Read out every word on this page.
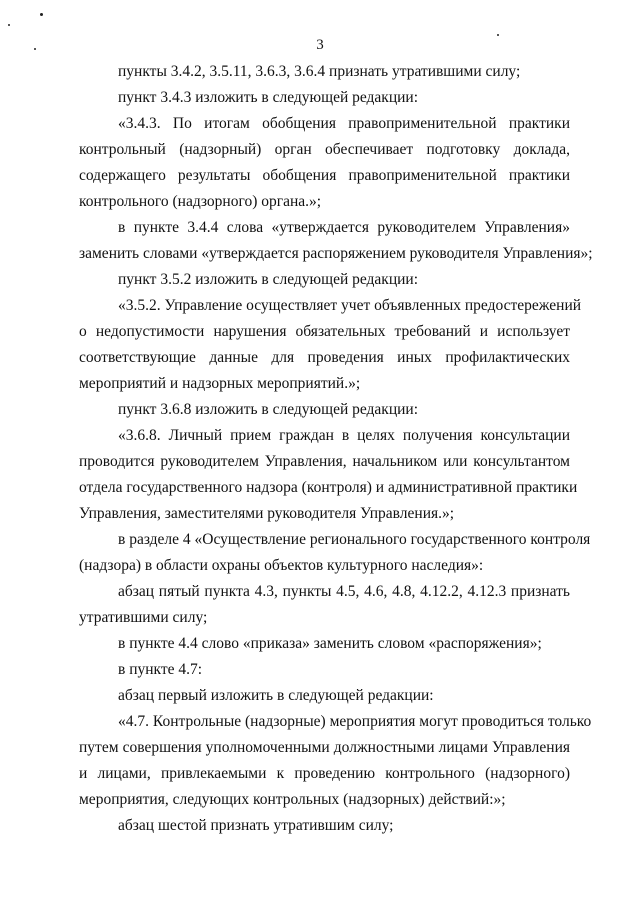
3
пункты 3.4.2, 3.5.11, 3.6.3, 3.6.4 признать утратившими силу;
пункт 3.4.3 изложить в следующей редакции:
«3.4.3. По итогам обобщения правоприменительной практики
контрольный (надзорный) орган обеспечивает подготовку доклада,
содержащего результаты обобщения правоприменительной практики
контрольного (надзорного) органа.»;
в пункте 3.4.4 слова «утверждается руководителем Управления»
заменить словами «утверждается распоряжением руководителя Управления»;
пункт 3.5.2 изложить в следующей редакции:
«3.5.2. Управление осуществляет учет объявленных предостережений
о недопустимости нарушения обязательных требований и использует
соответствующие данные для проведения иных профилактических
мероприятий и надзорных мероприятий.»;
пункт 3.6.8 изложить в следующей редакции:
«3.6.8. Личный прием граждан в целях получения консультации
проводится руководителем Управления, начальником или консультантом
отдела государственного надзора (контроля) и административной практики
Управления, заместителями руководителя Управления.»;
в разделе 4 «Осуществление регионального государственного контроля
(надзора) в области охраны объектов культурного наследия»:
абзац пятый пункта 4.3, пункты 4.5, 4.6, 4.8, 4.12.2, 4.12.3 признать
утратившими силу;
в пункте 4.4 слово «приказа» заменить словом «распоряжения»;
в пункте 4.7:
абзац первый изложить в следующей редакции:
«4.7. Контрольные (надзорные) мероприятия могут проводиться только
путем совершения уполномоченными должностными лицами Управления
и лицами, привлекаемыми к проведению контрольного (надзорного)
мероприятия, следующих контрольных (надзорных) действий:»;
абзац шестой признать утратившим силу;
